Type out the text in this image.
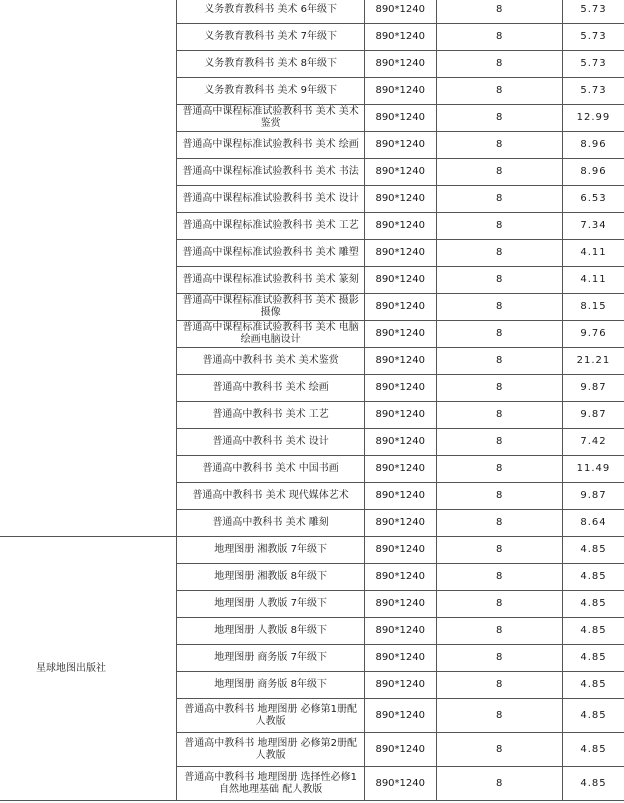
	义务教育教科书 美术 6年级下	890*1240	8	5.73
	义务教育教科书 美术 7年级下	890*1240	8	5.73
	义务教育教科书 美术 8年级下	890*1240	8	5.73
	义务教育教科书 美术 9年级下	890*1240	8	5.73
	普通高中课程标准试验教科书 美术 美术鉴赏	890*1240	8	12.99
	普通高中课程标准试验教科书 美术 绘画	890*1240	8	8.96
	普通高中课程标准试验教科书 美术 书法	890*1240	8	8.96
	普通高中课程标准试验教科书 美术 设计	890*1240	8	6.53
	普通高中课程标准试验教科书 美术 工艺	890*1240	8	7.34
	普通高中课程标准试验教科书 美术 雕塑	890*1240	8	4.11
	普通高中课程标准试验教科书 美术 篆刻	890*1240	8	4.11
	普通高中课程标准试验教科书 美术 摄影摄像	890*1240	8	8.15
	普通高中课程标准试验教科书 美术 电脑绘画电脑设计	890*1240	8	9.76
	普通高中教科书 美术 美术鉴赏	890*1240	8	21.21
	普通高中教科书 美术 绘画	890*1240	8	9.87
	普通高中教科书 美术 工艺	890*1240	8	9.87
	普通高中教科书 美术 设计	890*1240	8	7.42
	普通高中教科书 美术 中国书画	890*1240	8	11.49
	普通高中教科书 美术 现代媒体艺术	890*1240	8	9.87
	普通高中教科书 美术 雕刻	890*1240	8	8.64
星球地图出版社	地理图册 湘教版 7年级下	890*1240	8	4.85
	地理图册 湘教版 8年级下	890*1240	8	4.85
	地理图册 人教版 7年级下	890*1240	8	4.85
	地理图册 人教版 8年级下	890*1240	8	4.85
	地理图册 商务版 7年级下	890*1240	8	4.85
	地理图册 商务版 8年级下	890*1240	8	4.85
	普通高中教科书 地理图册 必修第1册配人教版	890*1240	8	4.85
	普通高中教科书 地理图册 必修第2册配人教版	890*1240	8	4.85
	普通高中教科书 地理图册 选择性必修1自然地理基础 配人教版	890*1240	8	4.85
